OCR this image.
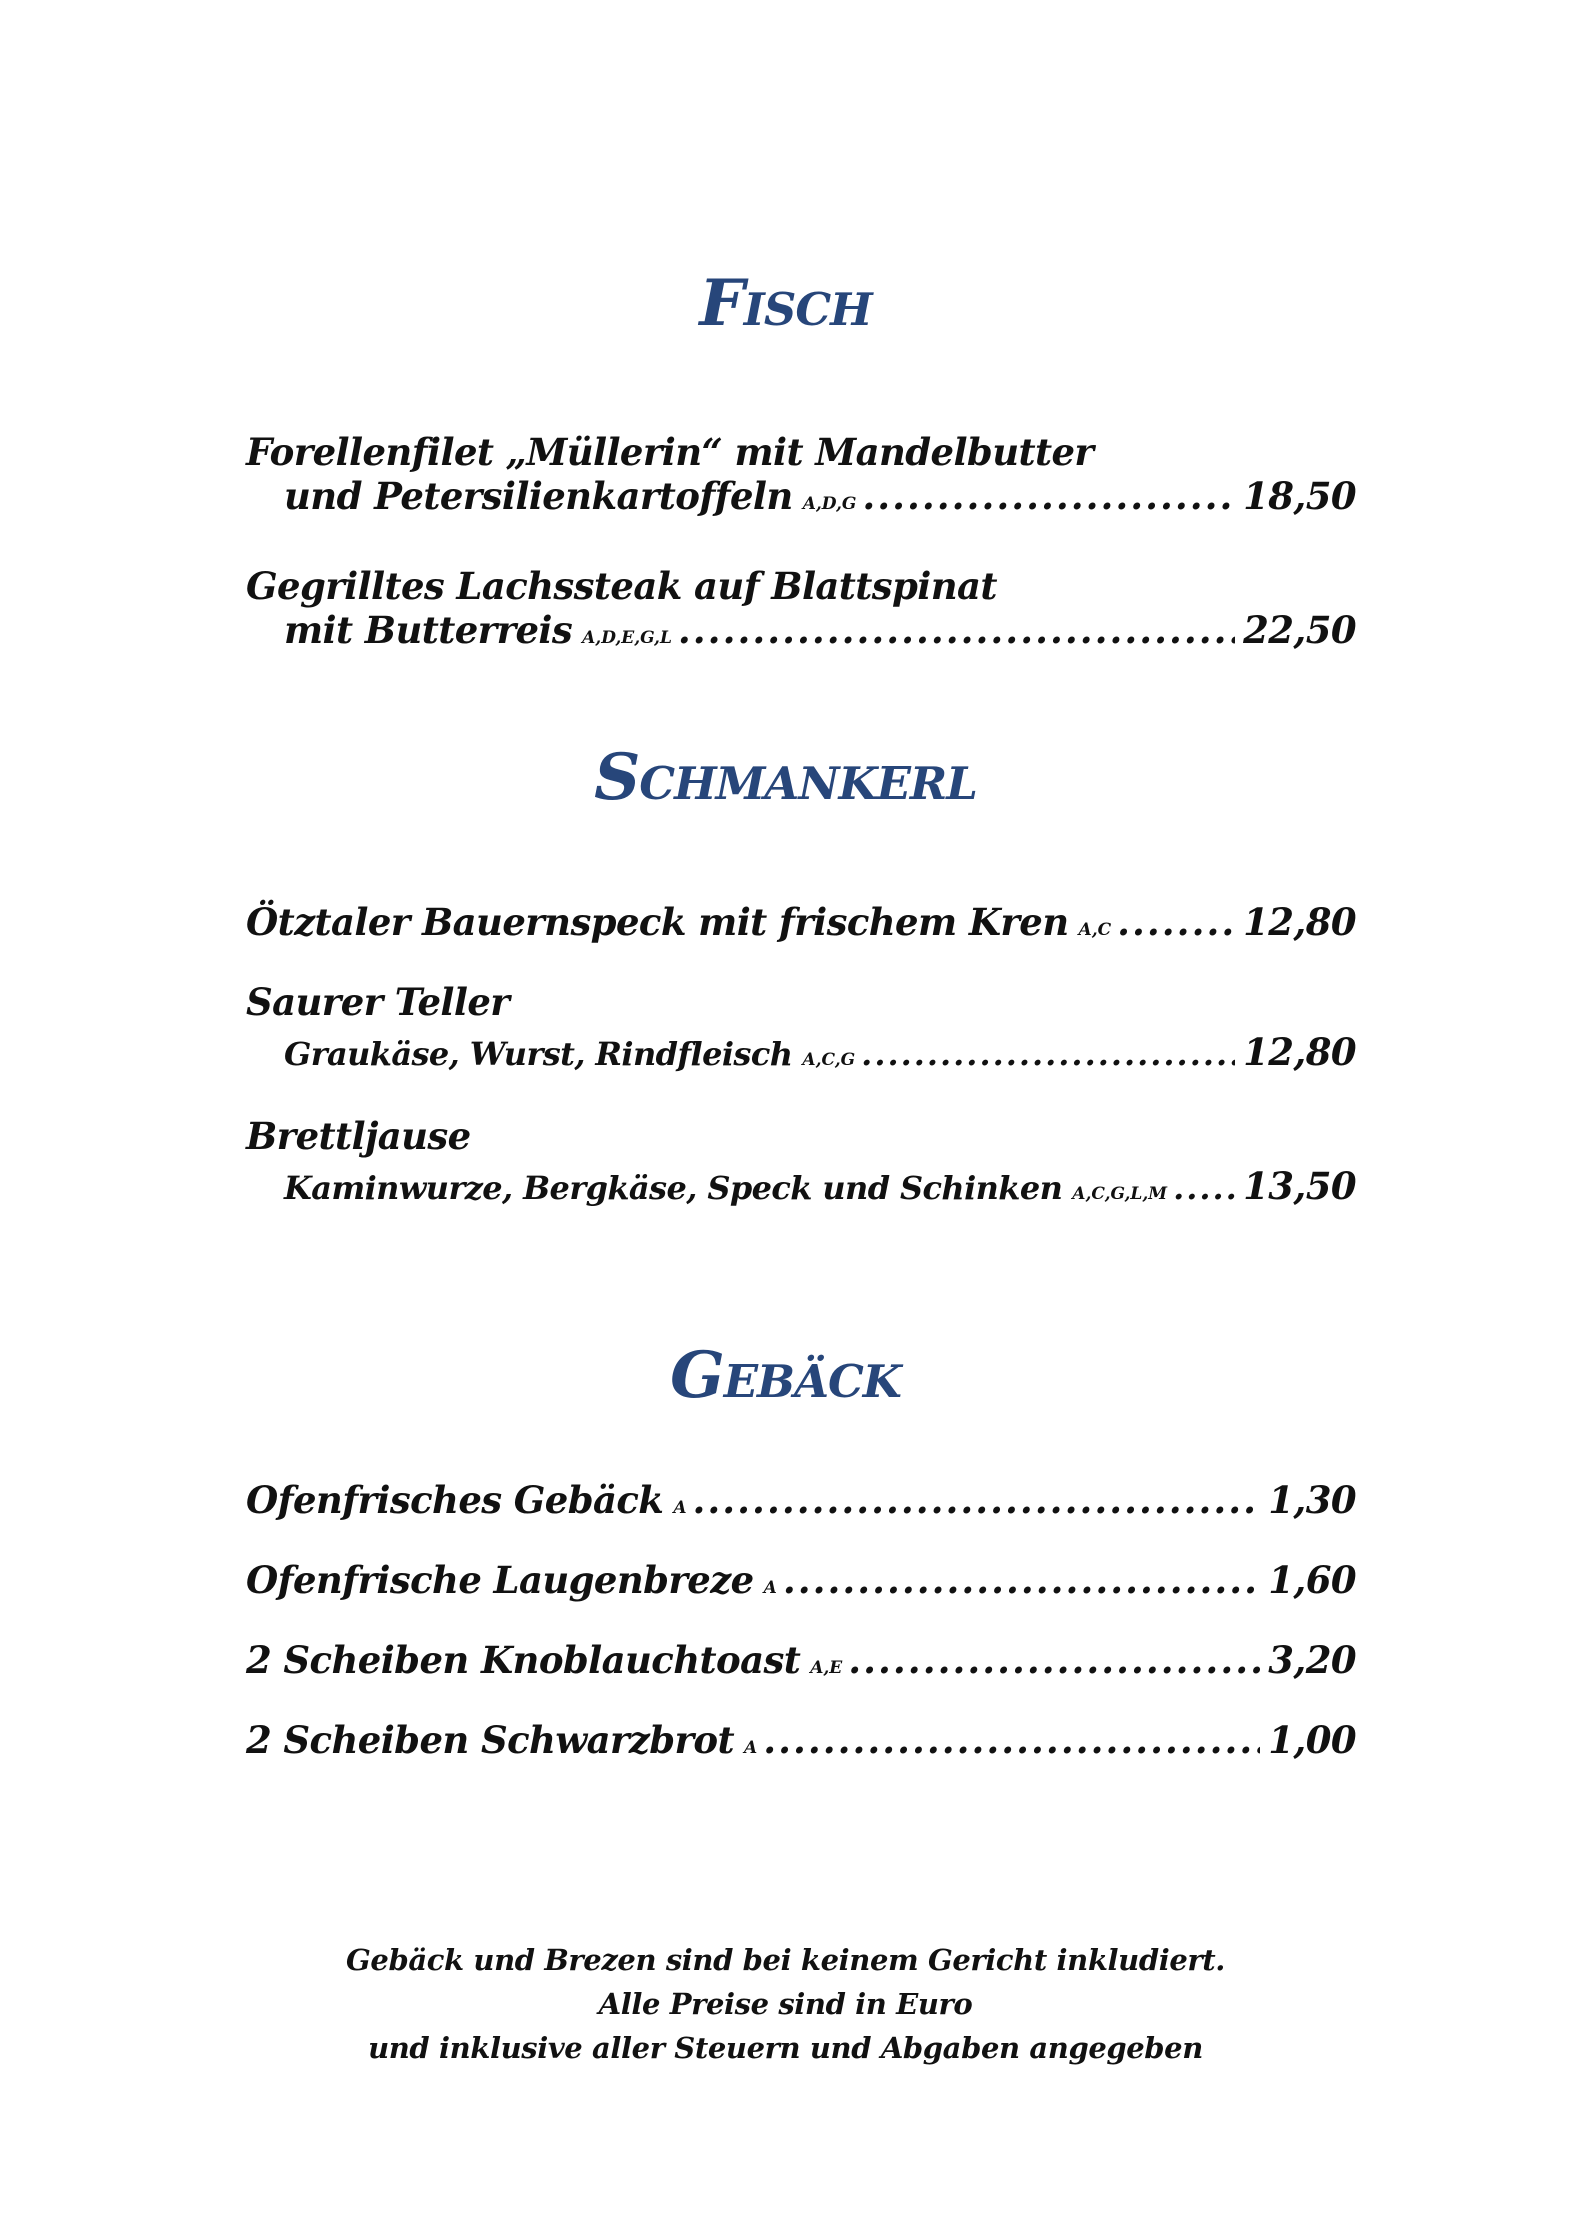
Fisch
Forellenfilet „Müllerin“ mit Mandelbutter
und Petersilienkartoffeln A,D,G .....	18,50
Gegrilltes Lachssteak auf Blattspinat
mit Butterreis A,D,E,G,L .....	22,50
Schmankerl
Ötztaler Bauernspeck mit frischem Kren A,C .....	12,80
Saurer Teller
Graukäse, Wurst, Rindfleisch A,C,G .....	12,80
Brettljause
Kaminwurze, Bergkäse, Speck und Schinken A,C,G,L,M ..... 13,50
Gebäck
Ofenfrisches Gebäck A .....	1,30
Ofenfrische Laugenbreze A .....	1,60
2 Scheiben Knoblauchtoast A,E .....	3,20
2 Scheiben Schwarzbrot A .....	1,00
Gebäck und Brezen sind bei keinem Gericht inkludiert.
Alle Preise sind in Euro
und inklusive aller Steuern und Abgaben angegeben
